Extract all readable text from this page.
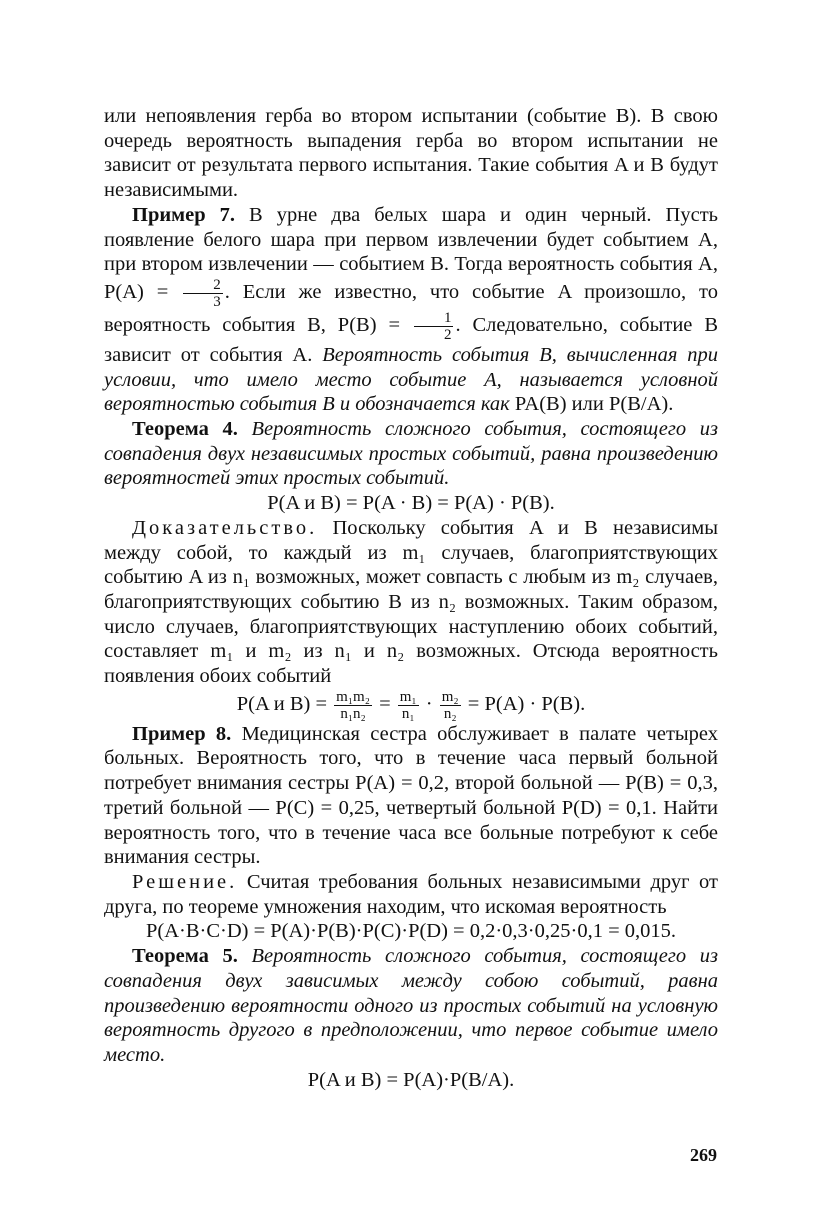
или непоявления герба во втором испытании (событие B). В свою очередь вероятность выпадения герба во втором испытании не зависит от результата первого испытания. Такие события A и B будут независимыми.

Пример 7. В урне два белых шара и один черный. Пусть появление белого шара при первом извлечении будет событием A, при втором извлечении — событием B. Тогда вероятность события A, $P(A) = \frac{2}{3}$ . Если же известно, что событие A произошло, то вероятность события B, $P(B) = \frac{1}{2}$ . Следовательно, событие B зависит от события A. Вероятность события B, вычисленная при условии, что имело место событие A, называется условной вероятностью события B и обозначается как PA(B) или P(B/A).

Теорема 4. Вероятность сложного события, состоящего из совпадения двух независимых простых событий, равна произведению вероятностей этих простых событий.

P(A и B) = P(A · B) = P(A) · P(B).

Доказательство. Поскольку события A и B независимы между собой, то каждый из m₁ случаев, благоприятствующих событию A из n₁ возможных, может совпасть с любым из m₂ случаев, благоприятствующих событию B из n₂ возможных. Таким образом, число случаев, благоприятствующих наступлению обоих событий, составляет m₁ и m₂ из n₁ и n₂ возможных. Отсюда вероятность появления обоих событий

P(A и $B) = \frac{\text{m₁m₂}}{\text{n₁n₂}} = \frac{\text{m₁}}{\text{n₁}} \cdot \frac{\text{m₂}}{\text{n₂}} = P(A) \cdot P(B)$.

Пример 8. Медицинская сестра обслуживает в палате четырех больных. Вероятность того, что в течение часа первый больной потребует внимания сестры P(A) = 0,2, второй больной — P(B) = 0,3, третий больной — P(C) = 0,25, четвертый больной P(D) = 0,1. Найти вероятность того, что в течение часа все больные потребуют к себе внимания сестры.

Решение. Считая требования больных независимыми друг от друга, по теореме умножения находим, что искомая вероятность

P(A·B·C·D) = P(A)·P(B)·P(C)·P(D) = 0,2·0,3·0,25·0,1 = 0,015.

Теорема 5. Вероятность сложного события, состоящего из совпадения двух зависимых между собою событий, равна произведению вероятности одного из простых событий на условную вероятность другого в предположении, что первое событие имело место.

P(A и B) = P(A)·P(B/A).

269
